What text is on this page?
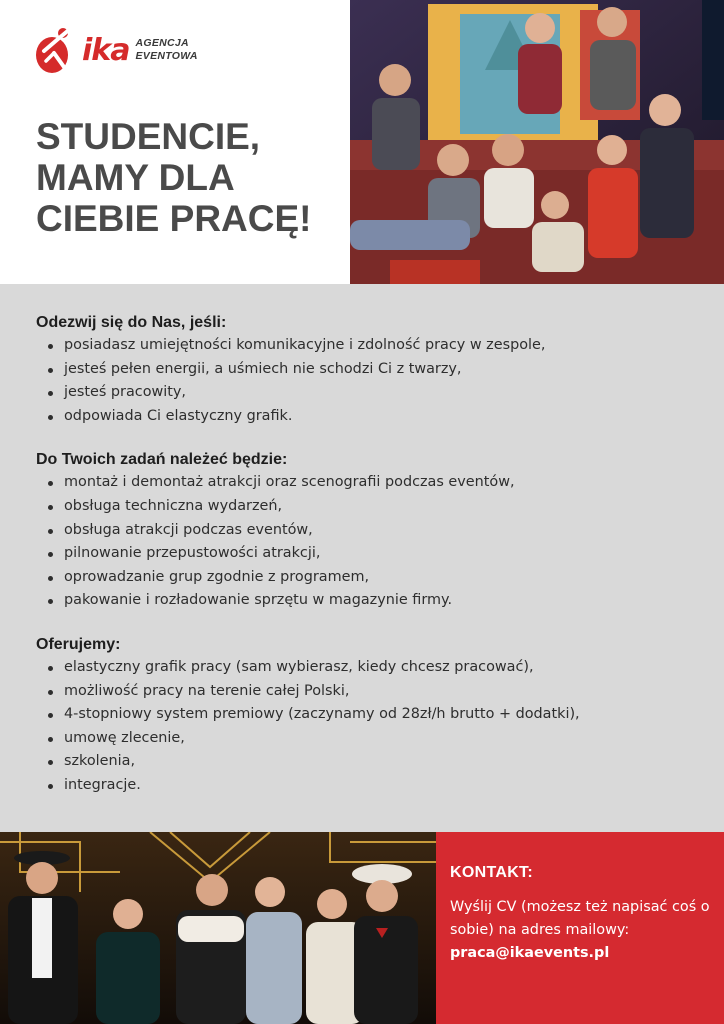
ika AGENCJA
EVENTOWA
STUDENCIE,
MAMY DLA
CIEBIE PRACĘ!
Odezwij się do Nas, jeśli:
posiadasz umiejętności komunikacyjne i zdolność pracy w zespole,
jesteś pełen energii, a uśmiech nie schodzi Ci z twarzy,
jesteś pracowity,
odpowiada Ci elastyczny grafik.
Do Twoich zadań należeć będzie:
montaż i demontaż atrakcji oraz scenografii podczas eventów,
obsługa techniczna wydarzeń,
obsługa atrakcji podczas eventów,
pilnowanie przepustowości atrakcji,
oprowadzanie grup zgodnie z programem,
pakowanie i rozładowanie sprzętu w magazynie firmy.
Oferujemy:
elastyczny grafik pracy (sam wybierasz, kiedy chcesz pracować),
możliwość pracy na terenie całej Polski,
4-stopniowy system premiowy (zaczynamy od 28zł/h brutto + dodatki),
umowę zlecenie,
szkolenia,
integracje.
KONTAKT:

Wyślij CV (możesz też napisać coś o sobie) na adres mailowy:

praca@ikaevents.pl
